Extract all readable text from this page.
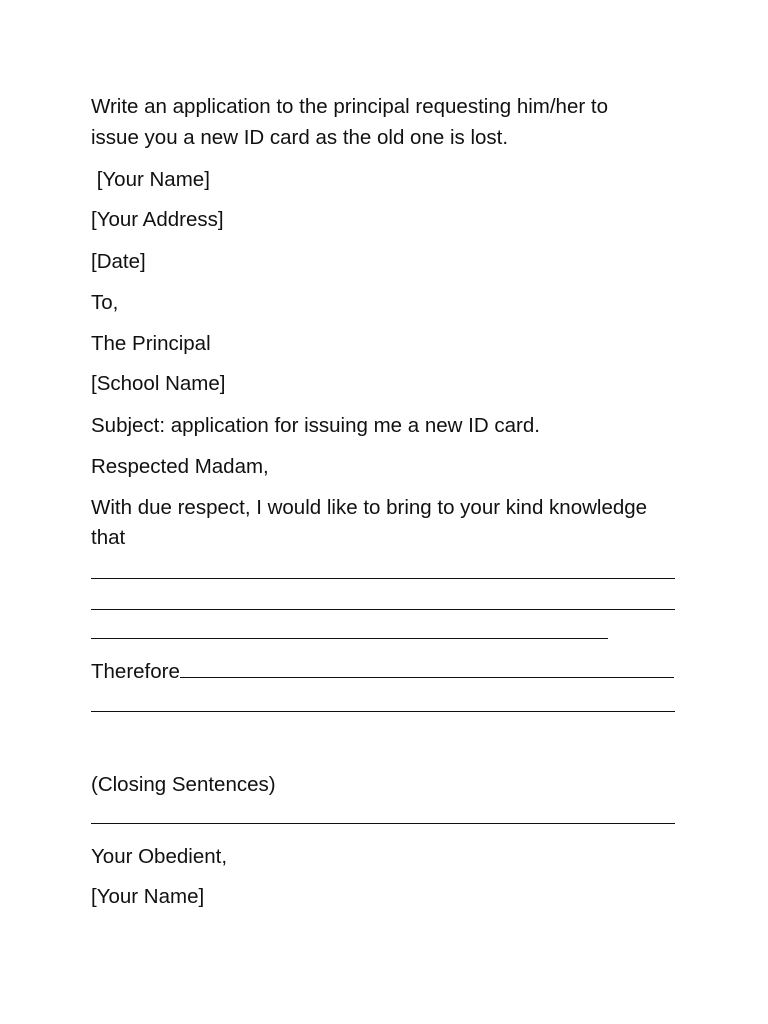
Write an application to the principal requesting him/her to
issue you a new ID card as the old one is lost.
[Your Name]
[Your Address]
[Date]
To,
The Principal
[School Name]
Subject: application for issuing me a new ID card.
Respected Madam,
With due respect, I would like to bring to your kind knowledge
that
Therefore
(Closing Sentences)
Your Obedient,
[Your Name]
